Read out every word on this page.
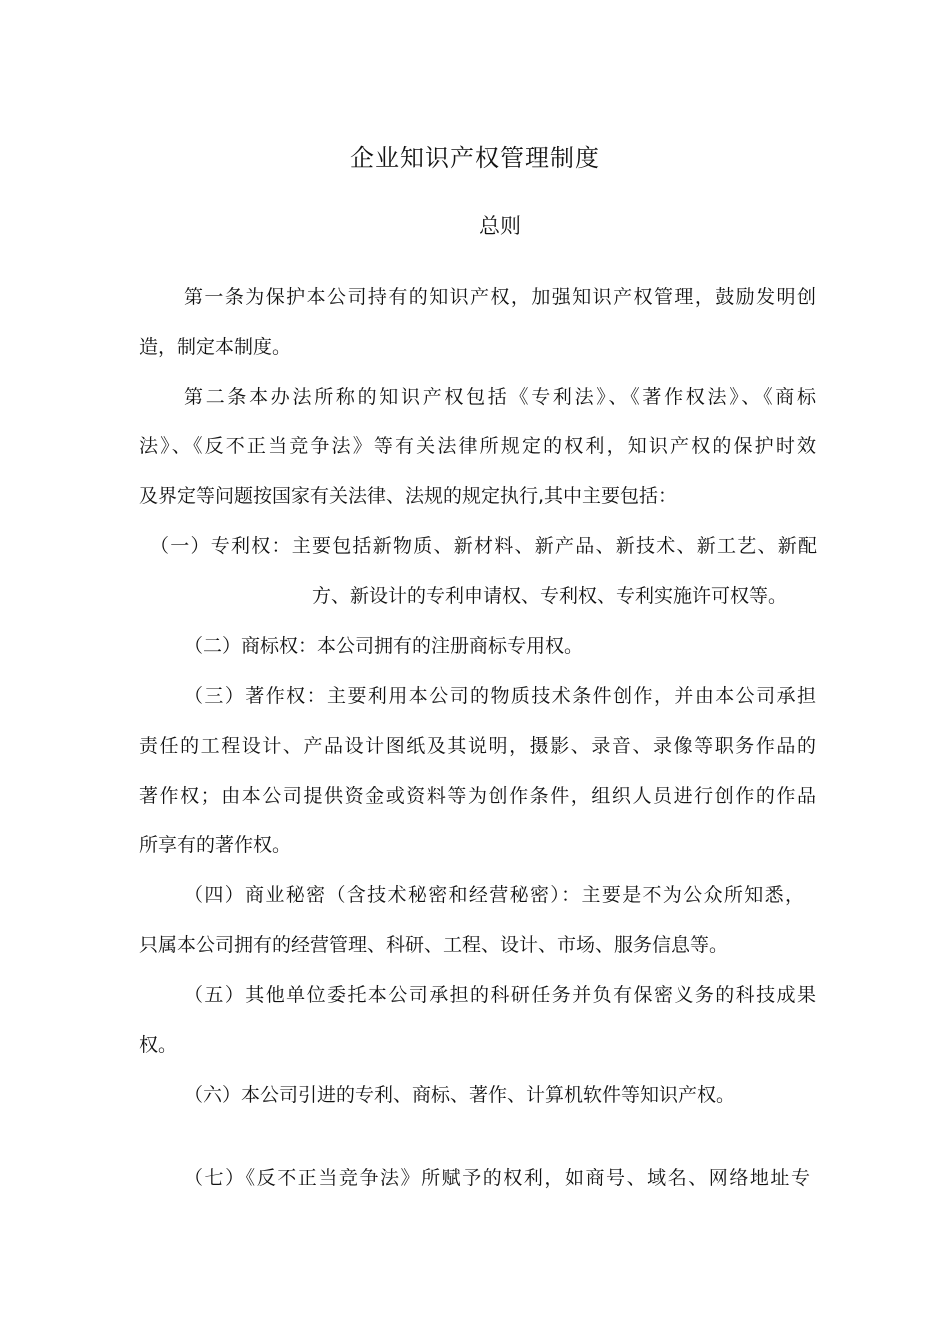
企业知识产权管理制度
总则
第一条为保护本公司持有的知识产权，加强知识产权管理，鼓励发明创
造，制定本制度。
第二条本办法所称的知识产权包括《专利法》、《著作权法》、《商标
法》、《反不正当竞争法》等有关法律所规定的权利，知识产权的保护时效
及界定等问题按国家有关法律、法规的规定执行,其中主要包括：
（一）专利权：主要包括新物质、新材料、新产品、新技术、新工艺、新配
方、新设计的专利申请权、专利权、专利实施许可权等。
（二）商标权：本公司拥有的注册商标专用权。
（三）著作权：主要利用本公司的物质技术条件创作，并由本公司承担
责任的工程设计、产品设计图纸及其说明，摄影、录音、录像等职务作品的
著作权；由本公司提供资金或资料等为创作条件，组织人员进行创作的作品
所享有的著作权。
（四）商业秘密（含技术秘密和经营秘密）：主要是不为公众所知悉，
只属本公司拥有的经营管理、科研、工程、设计、市场、服务信息等。
（五）其他单位委托本公司承担的科研任务并负有保密义务的科技成果
权。
（六）本公司引进的专利、商标、著作、计算机软件等知识产权。
（七）《反不正当竞争法》所赋予的权利，如商号、域名、网络地址专
